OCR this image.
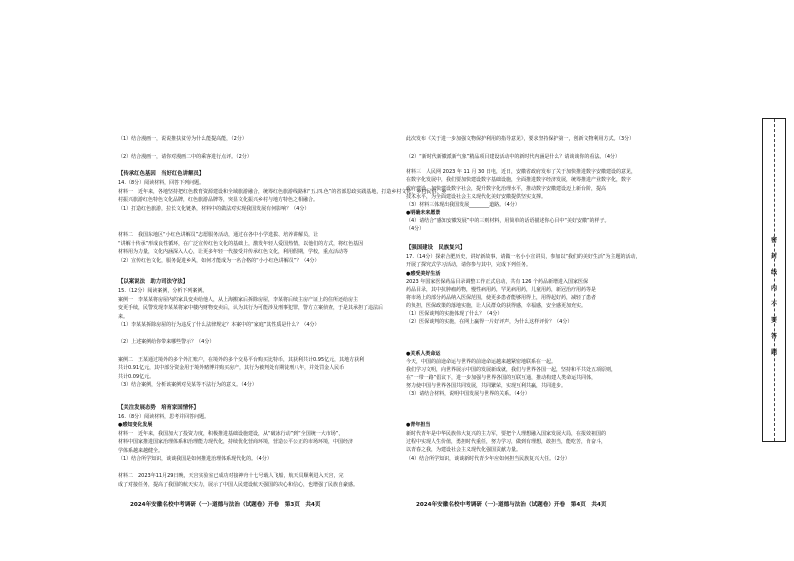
（1）结合漫画一，说说推扶贫劳为什么能提高能，（2分）
（2）结合漫画一，请你对漫画二中的乘客进行点评。（2分）
【传承红色基因　当好红色讲解员】
14.（8分）阅读材料，回答下列问题。
材料一　近年来，各地坚持把红色教育资源建设和全域旅游融合，统筹红色旅游线路和“五.四.色”的省部思政实践基地，打造乡村文化，乡村民俗，乡
村振兴旅游红色特色文化品牌，红色旅游品牌等，突显文化振兴乡村与地方特色之相融合。
（1）打造红色旅游，拉长文化链条，材料中的做法对实现我国发展有何影响？（4分）
材料二　我国东地区“小红色讲解员”志愿服务活动，通过在各中小学选拔、培养讲解员，让
“讲解十传承”形成良性循环，在广泛宣传红色文化的基础上，激发年轻人爱国热情，以他们的方式，将红色基因
材料用为力量，文化内涵深入人心，让更多年轻一代接受并传承红色文化，利用假期，学校，重点活动等
（2）宣传红色文化，服务促进乡风，如何才能成为一名合格的“小小红色讲解员”？（4分）
【以案说法　助力司法守法】
15.（12分）阅读案例，分析下列案例。
案例一　李某某将房屋内的家具变卖给他人，从上海搬家后拆除房屋，李某将后续主房产证上的住所还给房主
变更手续，民警发现李某某将家中楼内财物变卖后，认为其行为可能涉及刑事犯罪，警方立案侦查，于是其承担了违法后
来。
（1）李某某拆除房屋的行为违反了什么法律规定？本案中的“家庭”其性质是什么？（4分）
（2）上述案例给你带来哪些警示？（4分）
案例二　王某通过境外的多个外汇账户，在境外的多个交易平台购买比特币，其获利共计0.95亿元，其地方获利
共计0.91亿元，其中部分资金用于境外赌博并购买房产，其行为被判处有期徒刑八年，并处罚金人民币
共计0.09亿元。
（3）结合案例，分析该案例对吴某等不法行为的意义。（4分）
【关注发展态势　培育家国情怀】
16.（8分）阅读材料，思考并回答问题。
●感知变化发展
材料一　近年来，我国加大了投资力度，积极推进基础设施建设，从“破冰行动”到“全国统一大市场”，
材料中国家推进国家治理体系和治理能力现代化，持续优化营商环境，营造公平公正的市场环境，中国经济
学体系越来越健全。
（1）结合所学知识，谈谈我国是如何推进治理体系现代化的。（4分）
材料二　2023年11月29日晚，天宫实验室已成功对接神舟十七号载人飞船，航天员顺利进入天宫，完
成了对接任务，提高了我国的航天实力，展示了中国人民建设航天强国的决心和信心，也增强了民族自豪感。
2024年安徽名校中考调研（一）·道德与法治（试题卷）开卷　第3页　共4页
此次发布《关于进一步加强文物保护利用的指导意见》，要求坚持保护第一，创新文物利用方式。（3分）
（2）“新时代新徽派新气象”精品项目建设活动中的新时代内涵是什么？请谈谈你的看法。（4分）
材料三　人民网 2023 年 11 月 30 日电，近日，安徽省政府发布了关于加快推进数字安徽建设的意见，
在数字化发展中，我们要加快建设数字基础设施，全面推进数字经济发展，统筹推进产业数字化，数字
政府建设，加快建设数字社会，提升数字化治理水平，推动数字安徽建设迈上新台阶，提高
技术水平，为全面建设社会主义现代化美好安徽提供坚实支撑。
（3）材料三体现出我国发展________道路。（4分）
●明确未来愿景
（4）请结合“感知安徽发展”中的三则材料，用简单的话语描述你心目中“美好安徽”的样子。
（4分）
【强国建设　民族复兴】
17.（14分）探索合肥历史，讲好新故事，请做一名小小宣讲员，参加以“我们的美好生活”为主题的活动，
开展了探究式学习活动，请你参与其中，完成下列任务。
●感受美好生活
2023 年国家医保药品目录调整工作正式启动，共有 126 个药品新增进入国家医保
药品目录，其中抗肿瘤药物，慢性病用药，罕见病用药，儿童用药，新冠治疗用药等是
将市场上的部分药品纳入医保范围，使更多患者能够用得上，用得起好药，减轻了患者
的负担，医保政策的落地实施，让人民群众的获得感，幸福感，安全感更加充实。
（1）医保谈判的实施体现了什么？（4分）
（2）医保谈判的实施，在网上赢得一片好评声，为什么这样评价？（4分）
●关系人类命运
今天，中国的前途命运与世界的前途命运越来越紧密地联系在一起。
我们学习文明，向世界展示中国的发展新成就，我们与世界各国一起，坚持和平共处五项原则，
在“一带一路”倡议下，进一步加强与世界各国的互联互通，推动构建人类命运共同体，
努力使中国与世界各国共同发展，共同繁荣，实现互利共赢，共同进步。
（3）请结合材料，说明中国发展与世界的关系。（4分）
●青年担当
新时代青年是中华民族伟大复兴的主力军，要把个人理想融入国家发展大局，在报效祖国的
过程中实现人生价值，勇担时代重任，努力学习，做到有理想，敢担当，能吃苦，肯奋斗，
以青春之我，为建设社会主义现代化强国贡献力量。
（4）结合所学知识，谈谈新时代青少年应如何担当民族复兴大任。（2分）
2024年安徽名校中考调研（一）·道德与法治（试题卷）开卷　第4页　共4页
密
封
线
内
不
要
答
题
